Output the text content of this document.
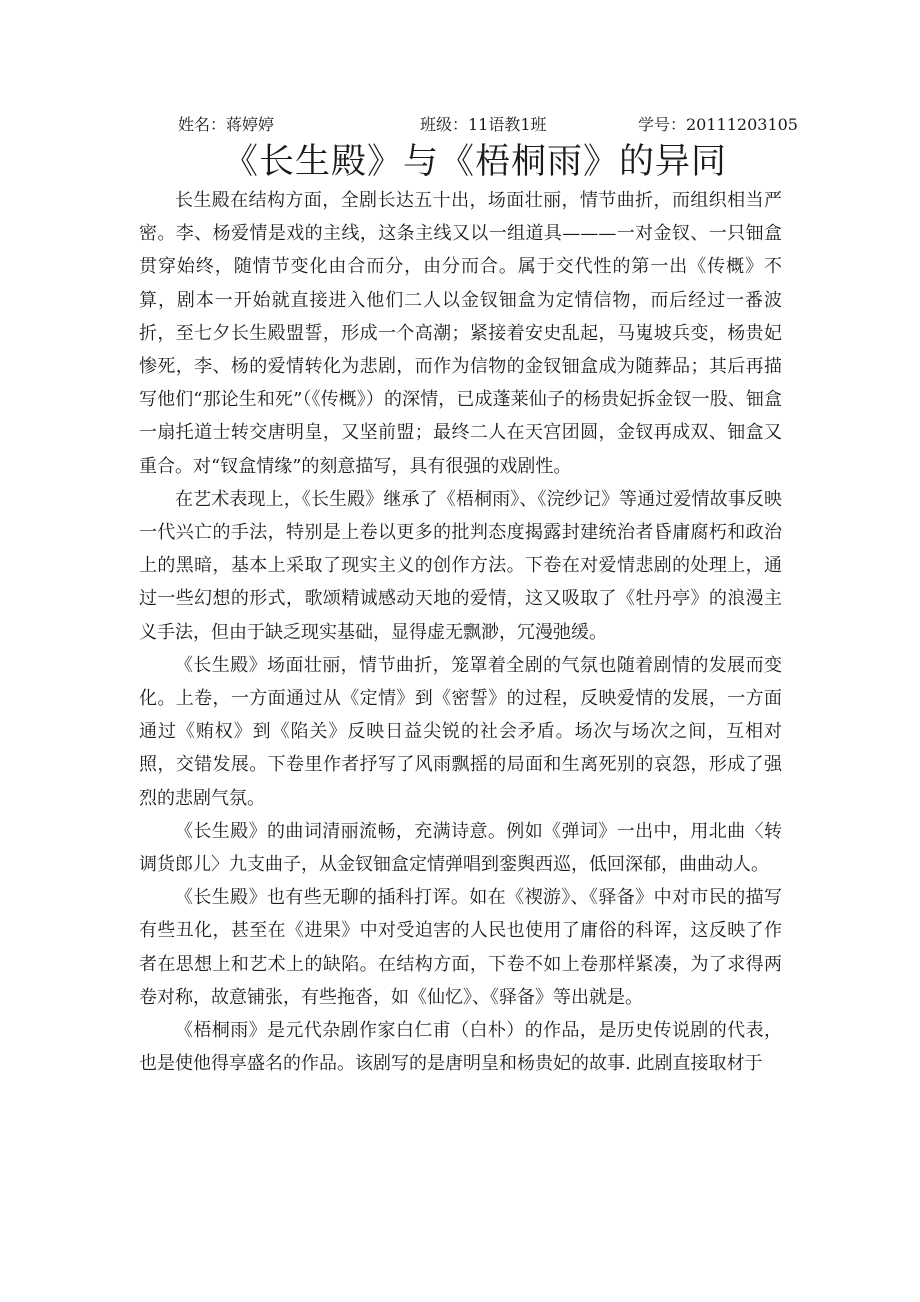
姓名：蒋婷婷	班级：11语教1班	学号：20111203105
《长生殿》与《梧桐雨》的异同

长生殿在结构方面，全剧长达五十出，场面壮丽，情节曲折，而组织相当严密。李、杨爱情是戏的主线，这条主线又以一组道具———一对金钗、一只钿盒贯穿始终，随情节变化由合而分，由分而合。属于交代性的第一出《传概》不算，剧本一开始就直接进入他们二人以金钗钿盒为定情信物，而后经过一番波折，至七夕长生殿盟誓，形成一个高潮；紧接着安史乱起，马嵬坡兵变，杨贵妃惨死，李、杨的爱情转化为悲剧，而作为信物的金钗钿盒成为随葬品；其后再描写他们“那论生和死”（《传概》）的深情，已成蓬莱仙子的杨贵妃拆金钗一股、钿盒一扇托道士转交唐明皇，又坚前盟；最终二人在天宫团圆，金钗再成双、钿盒又重合。对“钗盒情缘”的刻意描写，具有很强的戏剧性。

在艺术表现上，《长生殿》继承了《梧桐雨》、《浣纱记》等通过爱情故事反映一代兴亡的手法，特别是上卷以更多的批判态度揭露封建统治者昏庸腐朽和政治上的黑暗，基本上采取了现实主义的创作方法。下卷在对爱情悲剧的处理上，通过一些幻想的形式，歌颂精诚感动天地的爱情，这又吸取了《牡丹亭》的浪漫主义手法，但由于缺乏现实基础，显得虚无飘渺，冗漫弛缓。

《长生殿》场面壮丽，情节曲折，笼罩着全剧的气氛也随着剧情的发展而变化。上卷，一方面通过从《定情》到《密誓》的过程，反映爱情的发展，一方面通过《贿权》到《陷关》反映日益尖锐的社会矛盾。场次与场次之间，互相对照，交错发展。下卷里作者抒写了风雨飘摇的局面和生离死别的哀怨，形成了强烈的悲剧气氛。

《长生殿》的曲词清丽流畅，充满诗意。例如《弹词》一出中，用北曲〈转调货郎儿〉九支曲子，从金钗钿盒定情弹唱到銮舆西巡，低回深郁，曲曲动人。

《长生殿》也有些无聊的插科打诨。如在《禊游》、《驿备》中对市民的描写有些丑化，甚至在《进果》中对受迫害的人民也使用了庸俗的科诨，这反映了作者在思想上和艺术上的缺陷。在结构方面，下卷不如上卷那样紧凑，为了求得两卷对称，故意铺张，有些拖沓，如《仙忆》、《驿备》等出就是。

《梧桐雨》是元代杂剧作家白仁甫（白朴）的作品，是历史传说剧的代表，也是使他得享盛名的作品。该剧写的是唐明皇和杨贵妃的故事. 此剧直接取材于
